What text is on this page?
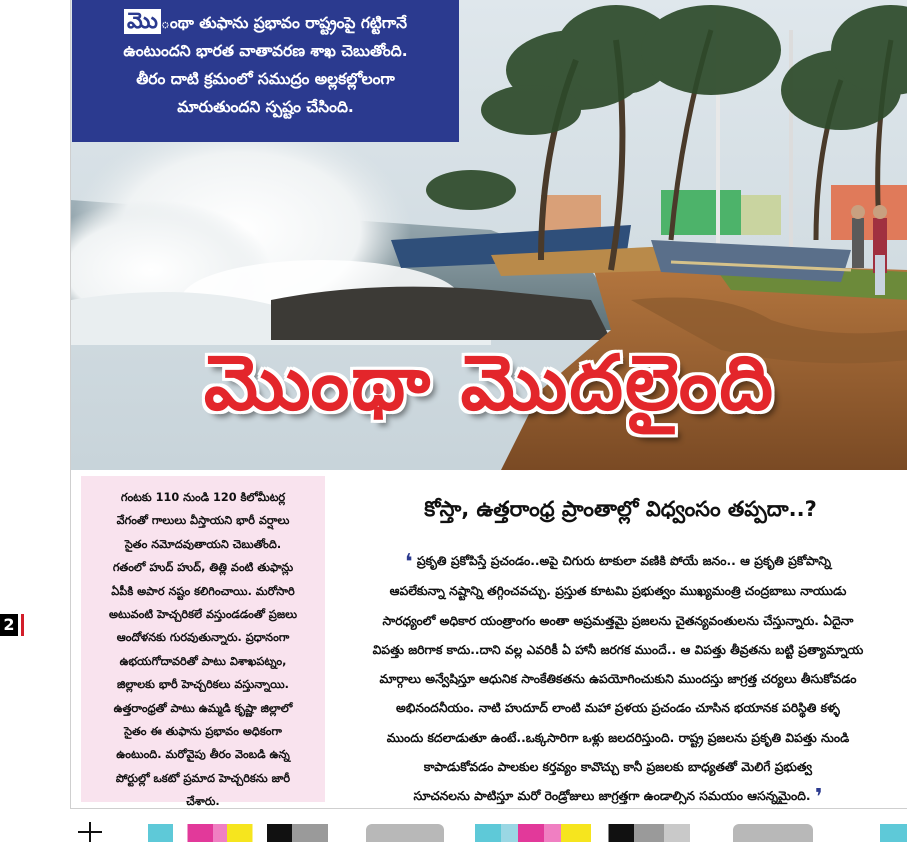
మొ ంథా తుఫాను ప్రభావం రాష్ట్రంపై గట్టిగానే
ఉంటుందని భారత వాతావరణ శాఖ చెబుతోంది.
తీరం దాటి క్రమంలో సముద్రం అల్లకల్లోలంగా
మారుతుందని స్పష్టం చేసింది.
మొంథా మొదలైంది
గంటకు 110 నుండి 120 కిలోమీటర్ల
వేగంతో గాలులు వీస్తాయని భారీ వర్షాలు
సైతం నమోదవుతాయని చెబుతోంది.
గతంలో హుద్ హుద్, తిత్లి వంటి తుఫాన్లు
ఏపీకి అపార నష్టం కలిగించాయి. మరోసారి
అటువంటి హెచ్చరికలే వస్తుండడంతో ప్రజలు
ఆందోళనకు గురవుతున్నారు. ప్రధానంగా
ఉభయగోదావరితో పాటు విశాఖపట్నం,
జిల్లాలకు భారీ హెచ్చరికలు వస్తున్నాయి.
ఉత్తరాంధ్రతో పాటు ఉమ్మడి కృష్ణా జిల్లాలో
సైతం ఈ తుఫాను ప్రభావం అధికంగా
ఉంటుంది. మరోవైపు తీరం వెంబడి ఉన్న
పోర్టుల్లో ఒకటో ప్రమాద హెచ్చరికను జారీ
చేశారు.
కోస్తా, ఉత్తరాంధ్ర ప్రాంతాల్లో విధ్వంసం తప్పదా..?
❛ ప్రకృతి ప్రకోపిస్తే ప్రచండం..అపై చిగురు టాకులా వణికి పోయే జనం.. ఆ ప్రకృతి ప్రకోపాన్ని
ఆపలేకున్నా నష్టాన్ని తగ్గించవచ్చు. ప్రస్తుత కూటమి ప్రభుత్వం ముఖ్యమంత్రి చంద్రబాబు నాయుడు
సారధ్యంలో అధికార యంత్రాంగం అంతా అప్రమత్తమై ప్రజలను చైతన్యవంతులను చేస్తున్నారు. ఏదైనా
విపత్తు జరిగాక కాదు..దాని వల్ల ఎవరికీ ఏ హానీ జరగక ముందే.. ఆ విపత్తు తీవ్రతను బట్టి ప్రత్యామ్నాయ
మార్గాలు అన్వేషిస్తూ ఆధునిక సాంకేతికతను ఉపయోగించుకుని ముందస్తు జాగ్రత్త చర్యలు తీసుకోవడం
అభినందనీయం. నాటి హుదూద్ లాంటి మహా ప్రళయ ప్రచండం చూసిన భయానక పరిస్థితి కళ్ళ
ముందు కదలాడుతూ ఉంటే..ఒక్కసారిగా ఒళ్లు జలదరిస్తుంది. రాష్ట్ర ప్రజలను ప్రకృతి విపత్తు నుండి
కాపాడుకోవడం పాలకుల కర్తవ్యం కావొచ్చు కానీ ప్రజలకు బాధ్యతతో మెలిగే ప్రభుత్వ
సూచనలను పాటిస్తూ మరో రెండ్రోజులు జాగ్రత్తగా ఉండాల్సిన సమయం ఆసన్నమైంది. ❜
2
